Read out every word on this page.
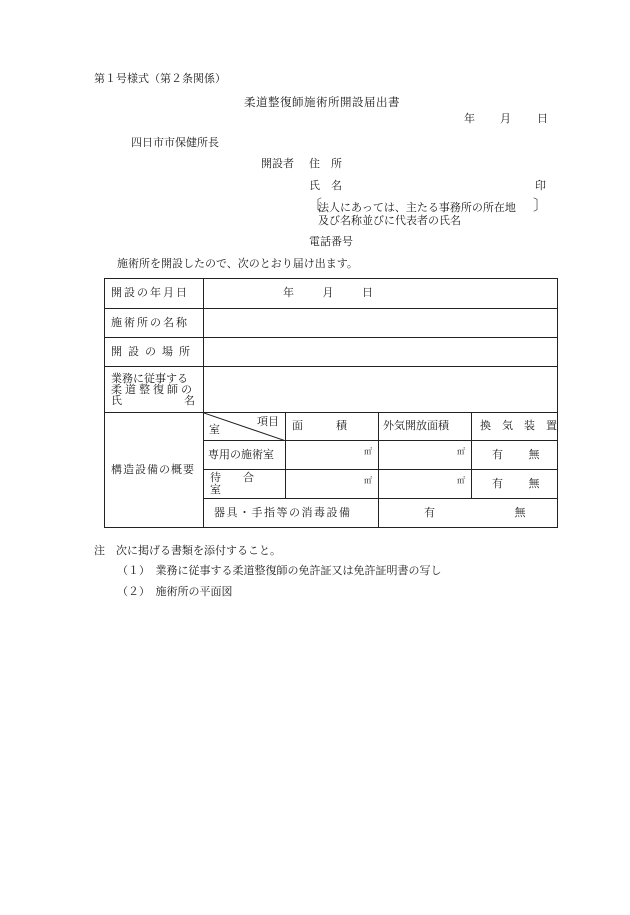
第１号様式（第２条関係）
柔道整復師施術所開設届出書
年 月 日
四日市市保健所長
開設者 住　所
氏　名	印
〔
法人にあっては、主たる事務所の所在地
及び名称並びに代表者の氏名
〕
電話番号
施術所を開設したので、次のとおり届け出ます。
開設の年月日	年 月 日			
施術所の名称				
開設の場所				

業務に従事する
柔道整復師の
氏 名				

構造設備の概要	項目
室	面　　　積	外気開放面積	換　気　装　置
	専用の施術室	㎡	㎡	有 無
	待　　合　　室	㎡	㎡	有 無
	器具・手指等の消毒設備		有 無	
注　次に掲げる書類を添付すること。
（１）　業務に従事する柔道整復師の免許証又は免許証明書の写し
（２）　施術所の平面図
